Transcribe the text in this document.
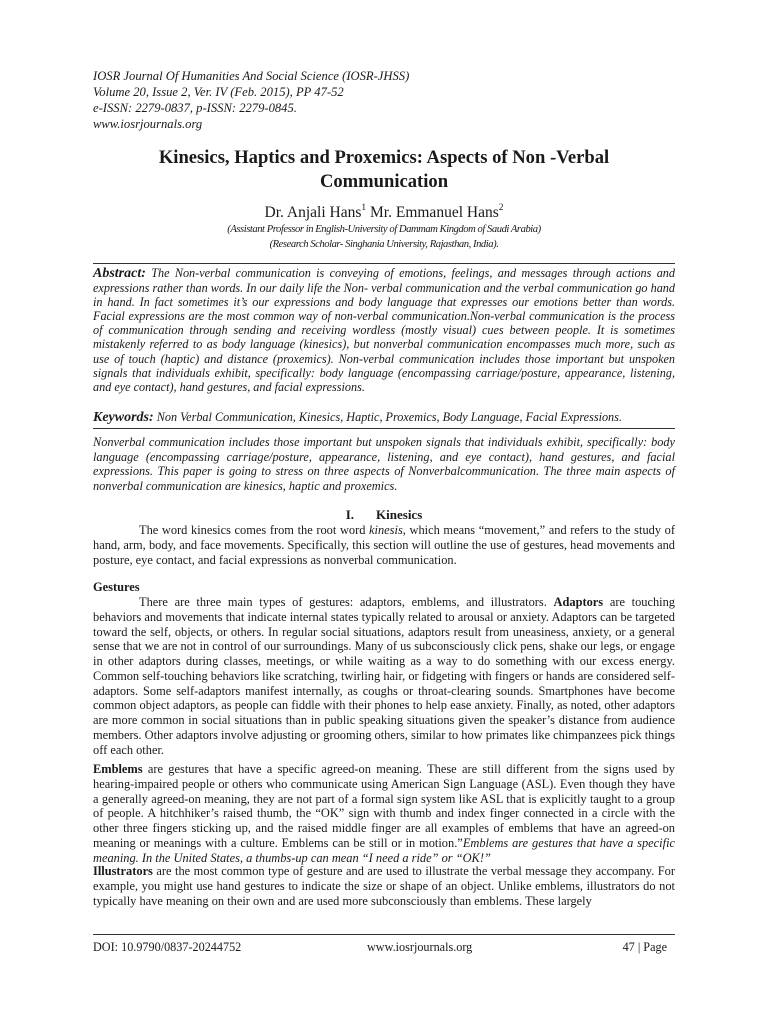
IOSR Journal Of Humanities And Social Science (IOSR-JHSS)
Volume 20, Issue 2, Ver. IV (Feb. 2015), PP 47-52
e-ISSN: 2279-0837, p-ISSN: 2279-0845.
www.iosrjournals.org
Kinesics, Haptics and Proxemics: Aspects of Non -Verbal Communication
Dr. Anjali Hans$^1$ Mr. Emmanuel Hans$^2$
(Assistant Professor in English-University of Dammam Kingdom of Saudi Arabia)
(Research Scholar- Singhania University, Rajasthan, India).
Abstract: The Non-verbal communication is conveying of emotions, feelings, and messages through actions and expressions rather than words. In our daily life the Non- verbal communication and the verbal communication go hand in hand. In fact sometimes it’s our expressions and body language that expresses our emotions better than words. Facial expressions are the most common way of non-verbal communication.Non-verbal communication is the process of communication through sending and receiving wordless (mostly visual) cues between people. It is sometimes mistakenly referred to as body language (kinesics), but nonverbal communication encompasses much more, such as use of touch (haptic) and distance (proxemics). Non-verbal communication includes those important but unspoken signals that individuals exhibit, specifically: body language (encompassing carriage/posture, appearance, listening, and eye contact), hand gestures, and facial expressions.
Keywords: Non Verbal Communication, Kinesics, Haptic, Proxemics, Body Language, Facial Expressions.
Nonverbal communication includes those important but unspoken signals that individuals exhibit, specifically: body language (encompassing carriage/posture, appearance, listening, and eye contact), hand gestures, and facial expressions. This paper is going to stress on three aspects of Nonverbalcommunication. The three main aspects of nonverbal communication are kinesics, haptic and proxemics.
I. Kinesics
The word kinesics comes from the root word kinesis, which means “movement,” and refers to the study of hand, arm, body, and face movements. Specifically, this section will outline the use of gestures, head movements and posture, eye contact, and facial expressions as nonverbal communication.
Gestures
There are three main types of gestures: adaptors, emblems, and illustrators. Adaptors are touching behaviors and movements that indicate internal states typically related to arousal or anxiety. Adaptors can be targeted toward the self, objects, or others. In regular social situations, adaptors result from uneasiness, anxiety, or a general sense that we are not in control of our surroundings. Many of us subconsciously click pens, shake our legs, or engage in other adaptors during classes, meetings, or while waiting as a way to do something with our excess energy. Common self-touching behaviors like scratching, twirling hair, or fidgeting with fingers or hands are considered self-adaptors. Some self-adaptors manifest internally, as coughs or throat-clearing sounds. Smartphones have become common object adaptors, as people can fiddle with their phones to help ease anxiety. Finally, as noted, other adaptors are more common in social situations than in public speaking situations given the speaker’s distance from audience members. Other adaptors involve adjusting or grooming others, similar to how primates like chimpanzees pick things off each other.
Emblems are gestures that have a specific agreed-on meaning. These are still different from the signs used by hearing-impaired people or others who communicate using American Sign Language (ASL). Even though they have a generally agreed-on meaning, they are not part of a formal sign system like ASL that is explicitly taught to a group of people. A hitchhiker’s raised thumb, the “OK” sign with thumb and index finger connected in a circle with the other three fingers sticking up, and the raised middle finger are all examples of emblems that have an agreed-on meaning or meanings with a culture. Emblems can be still or in motion.”Emblems are gestures that have a specific meaning. In the United States, a thumbs-up can mean “I need a ride” or “OK!”
Illustrators are the most common type of gesture and are used to illustrate the verbal message they accompany. For example, you might use hand gestures to indicate the size or shape of an object. Unlike emblems, illustrators do not typically have meaning on their own and are used more subconsciously than emblems. These largely
DOI: 10.9790/0837-20244752	www.iosrjournals.org	47 | Page
